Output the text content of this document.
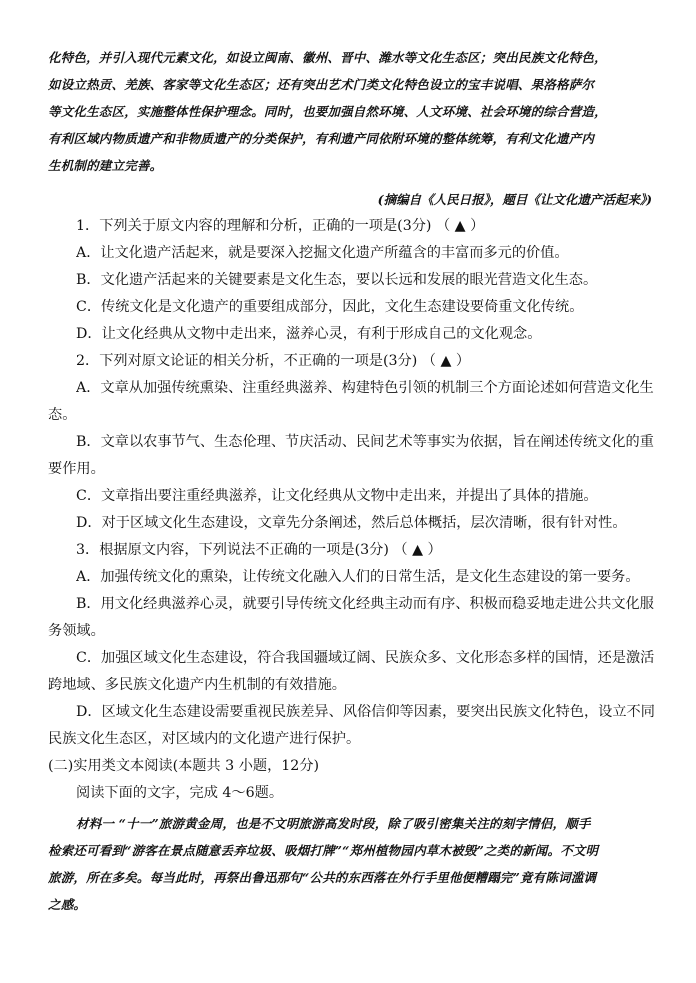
化特色，并引入现代元素文化，如设立闽南、徽州、晋中、潍水等文化生态区；突出民族文化特色，
如设立热贡、羌族、客家等文化生态区；还有突出艺术门类文化特色设立的宝丰说唱、果洛格萨尔
等文化生态区，实施整体性保护理念。同时，也要加强自然环境、人文环境、社会环境的综合营造，
有利区域内物质遗产和非物质遗产的分类保护，有利遗产同依附环境的整体统筹，有利文化遗产内
生机制的建立完善。
(摘编自《人民日报》，题目《让文化遗产活起来》)
1．下列关于原文内容的理解和分析，正确的一项是(3分) （ ▲ ）
A．让文化遗产活起来，就是要深入挖掘文化遗产所蕴含的丰富而多元的价值。
B．文化遗产活起来的关键要素是文化生态，要以长远和发展的眼光营造文化生态。
C．传统文化是文化遗产的重要组成部分，因此，文化生态建设要倚重文化传统。
D．让文化经典从文物中走出来，滋养心灵，有利于形成自己的文化观念。
2．下列对原文论证的相关分析，不正确的一项是(3分) （ ▲ ）
A．文章从加强传统熏染、注重经典滋养、构建特色引领的机制三个方面论述如何营造文化生
态。
B．文章以农事节气、生态伦理、节庆活动、民间艺术等事实为依据，旨在阐述传统文化的重
要作用。
C．文章指出要注重经典滋养，让文化经典从文物中走出来，并提出了具体的措施。
D．对于区域文化生态建设，文章先分条阐述，然后总体概括，层次清晰，很有针对性。
3．根据原文内容，下列说法不正确的一项是(3分) （ ▲ ）
A．加强传统文化的熏染，让传统文化融入人们的日常生活，是文化生态建设的第一要务。
B．用文化经典滋养心灵，就要引导传统文化经典主动而有序、积极而稳妥地走进公共文化服
务领域。
C．加强区域文化生态建设，符合我国疆域辽阔、民族众多、文化形态多样的国情，还是激活
跨地域、多民族文化遗产内生机制的有效措施。
D．区域文化生态建设需要重视民族差异、风俗信仰等因素，要突出民族文化特色，设立不同
民族文化生态区，对区域内的文化遗产进行保护。
(二)实用类文本阅读(本题共 3 小题，12分)
阅读下面的文字，完成 4～6题。
材料一 “十一”旅游黄金周，也是不文明旅游高发时段，除了吸引密集关注的刻字情侣，顺手
检索还可看到“游客在景点随意丢弃垃圾、吸烟打牌”“郑州植物园内草木被毁”之类的新闻。不文明
旅游，所在多矣。每当此时，再祭出鲁迅那句“公共的东西落在外行手里他便糟蹋完”竟有陈词滥调
之感。
